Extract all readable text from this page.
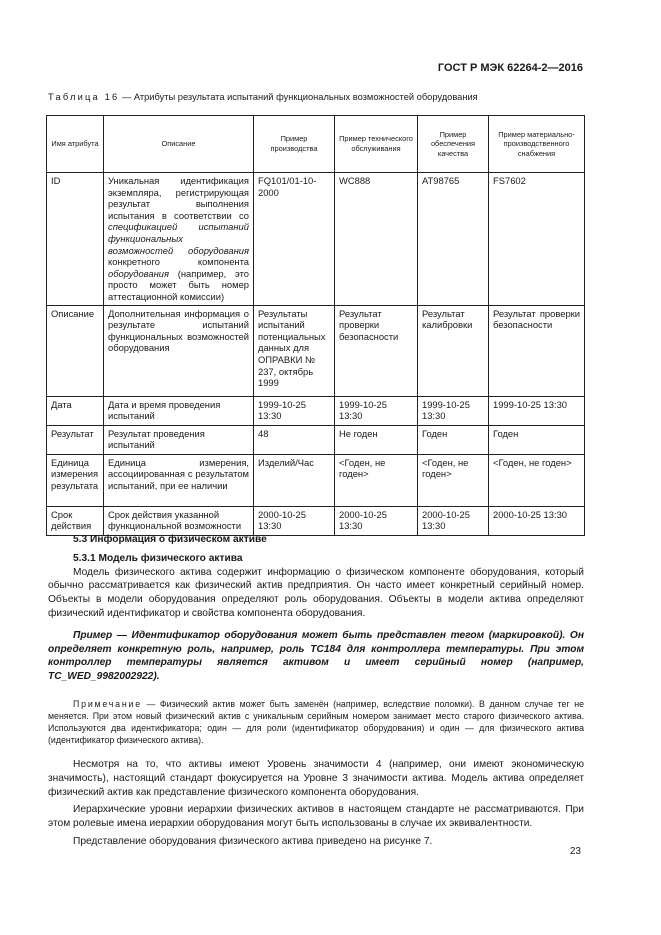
ГОСТ Р МЭК 62264-2—2016
Таблица 16 — Атрибуты результата испытаний функциональных возможностей оборудования
Имя атрибута	Описание	Пример производства	Пример технического обслуживания	Пример обеспечения качества	Пример материально-производственного снабжения
ID	Уникальная идентификация экземпляра, регистрирующая результат выполнения испытания в соответствии со спецификацией испытаний функциональных возможностей оборудования конкретного компонента оборудования (например, это просто может быть номер аттестационной комиссии)	FQ101/01-10-2000	WC888	AT98765	FS7602
Описание	Дополнительная информация о результате испытаний функциональных возможностей оборудования	Результаты испытаний потенциальных данных для ОПРАВКИ № 237, октябрь 1999	Результат проверки безопасности	Результат калибровки	Результат проверки безопасности
Дата	Дата и время проведения испытаний	1999-10-25 13:30	1999-10-25 13:30	1999-10-25 13:30	1999-10-25 13:30
Результат	Результат проведения испытаний	48	Не годен	Годен	Годен
Единица измерения результата	Единица измерения, ассоциированная с результатом испытаний, при ее наличии	Изделий/Час	<Годен, не годен>	<Годен, не годен>	<Годен, не годен>
Срок действия	Срок действия указанной функциональной возможности	2000-10-25 13:30	2000-10-25 13:30	2000-10-25 13:30	2000-10-25 13:30

5.3 Информация о физическом активе

5.3.1 Модель физического актива

Модель физического актива содержит информацию о физическом компоненте оборудования, который обычно рассматривается как физический актив предприятия. Он часто имеет конкретный серийный номер. Объекты в модели оборудования определяют роль оборудования. Объекты в модели актива определяют физический идентификатор и свойства компонента оборудования.

Пример — Идентификатор оборудования может быть представлен тегом (маркировкой). Он определяет конкретную роль, например, роль TC184 для контроллера температуры. При этом контроллер температуры является активом и имеет серийный номер (например, TC_WED_9982002922).

Примечание — Физический актив может быть заменён (например, вследствие поломки). В данном случае тег не меняется. При этом новый физический актив с уникальным серийным номером занимает место старого физического актива. Используются два идентификатора; один — для роли (идентификатор оборудования) и один — для физического актива (идентификатор физического актива).

Несмотря на то, что активы имеют Уровень значимости 4 (например, они имеют экономическую значимость), настоящий стандарт фокусируется на Уровне 3 значимости актива. Модель актива определяет физический актив как представление физического компонента оборудования.

Иерархические уровни иерархии физических активов в настоящем стандарте не рассматриваются. При этом ролевые имена иерархии оборудования могут быть использованы в случае их эквивалентности.

Представление оборудования физического актива приведено на рисунке 7.

23
